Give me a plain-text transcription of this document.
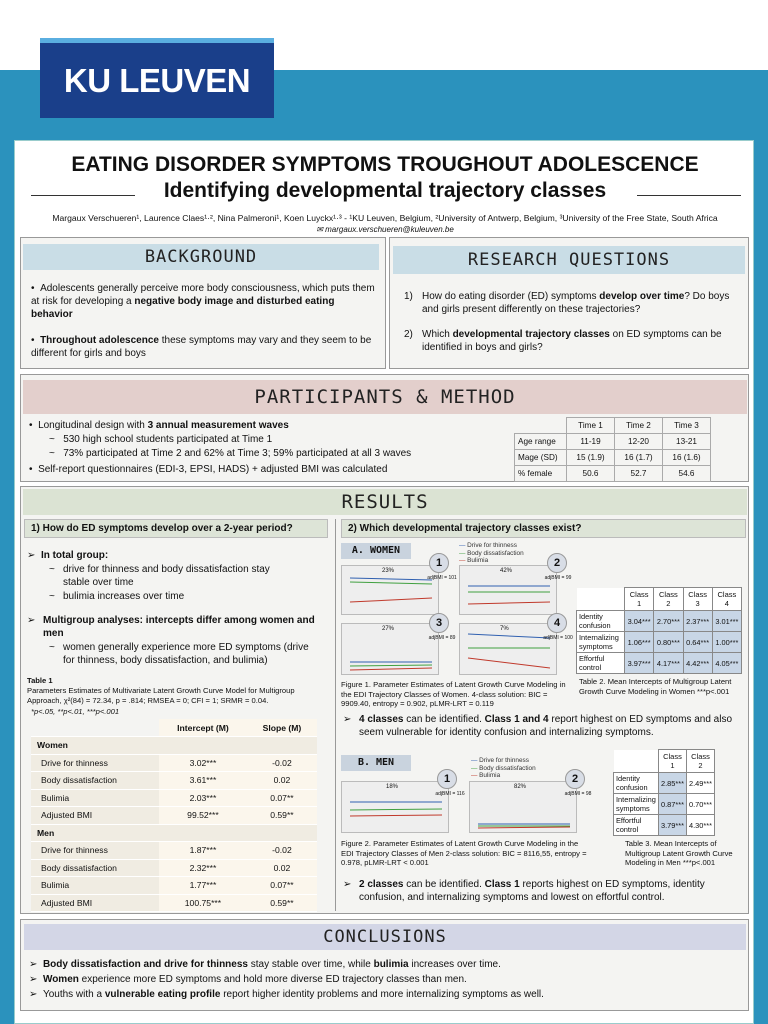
KU LEUVEN
EATING DISORDER SYMPTOMS TROUGHOUT ADOLESCENCE
Identifying developmental trajectory classes
Margaux Verschueren¹, Laurence Claes¹·², Nina Palmeroni¹, Koen Luyckx¹·³ - ¹KU Leuven, Belgium, ²University of Antwerp, Belgium, ³University of the Free State, South Africa
✉ margaux.verschueren@kuleuven.be
BACKGROUND
•  Adolescents generally perceive more body consciousness, which puts them at risk for developing a negative body image and disturbed eating behavior
•  Throughout adolescence these symptoms may vary and they seem to be different for girls and boys
RESEARCH QUESTIONS
1) How do eating disorder (ED) symptoms develop over time? Do boys and girls present differently on these trajectories?
2) Which developmental trajectory classes on ED symptoms can be identified in boys and girls?
PARTICIPANTS & METHOD
•  Longitudinal design with 3 annual measurement waves
~   530 high school students participated at Time 1
~   73% participated at Time 2 and 62% at Time 3; 59% participated at all 3 waves
•  Self-report questionnaires (EDI-3, EPSI, HADS) + adjusted BMI was calculated
	Time 1	Time 2	Time 3
Age range	11-19	12-20	13-21
Mage (SD)	15 (1.9)	16 (1.7)	16 (1.6)
% female	50.6	52.7	54.6
RESULTS
1) How do ED symptoms develop over a 2-year period?
➢  In total group:
~ drive for thinness and body dissatisfaction stay stable over time
~ bulimia increases over time
➢ Multigroup analyses: intercepts differ among women and men
~ women generally experience more ED symptoms (drive for thinness, body dissatisfaction, and bulimia)
Table 1
Parameters Estimates of Multivariate Latent Growth Curve Model for Multigroup Approach, χ²(84) = 72.34, p = .814; RMSEA = 0; CFI = 1; SRMR = 0.04.
*p<.05, **p<.01, ***p<.001
	Intercept (M)	Slope (M)
Women		
Drive for thinness	3.02***	-0.02
Body dissatisfaction	3.61***	0.02
Bulimia	2.03***	0.07**
Adjusted BMI	99.52***	0.59**
Men		
Drive for thinness	1.87***	-0.02
Body dissatisfaction	2.32***	0.02
Bulimia	1.77***	0.07**
Adjusted BMI	100.75***	0.59**
2) Which developmental trajectory classes exist?
A. WOMEN	— Drive for thinness
— Body dissatisfaction
— Bulimia
23%
1
adjBMI = 101
42%
2
adjBMI = 99
27%	3
adjBMI = 89
7%	4
adjBMI = 100
Figure 1. Parameter Estimates of Latent Growth Curve Modeling in the EDI Trajectory Classes of Women. 4-class solution: BIC = 9909.40, entropy = 0.902, pLMR-LRT = 0.119
	Class 1	Class 2	Class 3	Class 4
Identity confusion	3.04***	2.70***	2.37***	3.01***
Internalizing symptoms	1.06***	0.80***	0.64***	1.00***
Effortful control	3.97***	4.17***	4.42***	4.05***
Table 2. Mean Intercepts of Multigroup Latent Growth Curve Modeling in Women ***p<.001
➢ 4 classes can be identified. Class 1 and 4 report highest on ED symptoms and also seem vulnerable for identity confusion and internalizing symptoms.
B. MEN	— Drive for thinness
— Body dissatisfaction
— Bulimia
18%
1
adjBMI = 116
82%
2
adjBMI = 98
Figure 2. Parameter Estimates of Latent Growth Curve Modeling in the EDI Trajectory Classes of Men 2-class solution: BIC = 8116,55, entropy = 0.978, pLMR-LRT < 0.001
	Class 1	Class 2
Identity confusion	2.85***	2.49***
Internalizing symptoms	0.87***	0.70***
Effortful control	3.79***	4.30***
Table 3. Mean Intercepts of Multigroup Latent Growth Curve Modeling in Men ***p<.001
➢ 2 classes can be identified. Class 1 reports highest on ED symptoms, identity confusion, and internalizing symptoms and lowest on effortful control.
CONCLUSIONS
➢  Body dissatisfaction and drive for thinness stay stable over time, while bulimia increases over time.
➢  Women experience more ED symptoms and hold more diverse ED trajectory classes than men.
➢  Youths with a vulnerable eating profile report higher identity problems and more internalizing symptoms as well.
